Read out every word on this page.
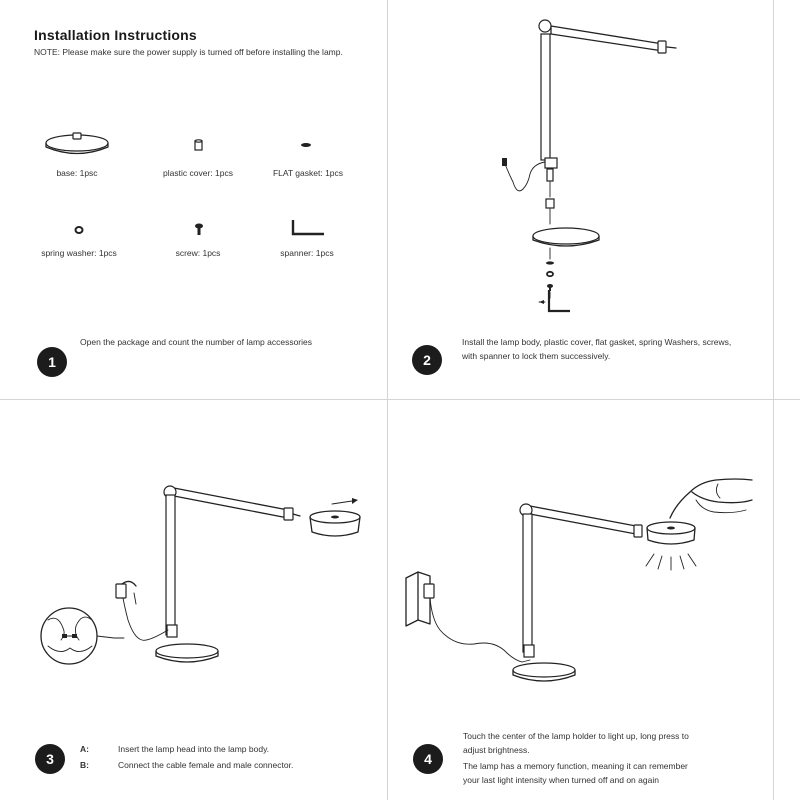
Installation Instructions
NOTE: Please make sure the power supply is turned off before installing the lamp.
base: 1psc	plastic cover: 1pcs	FLAT gasket: 1pcs
spring washer: 1pcs	screw: 1pcs	spanner: 1pcs
1
Open the package and count the number of lamp accessories
2
Install the lamp body, plastic cover, flat gasket, spring Washers, screws, with spanner to lock them successively.
3
A:	Insert the lamp head into the lamp body.
B:	Connect the cable female and male connector.	4
Touch the center of the lamp holder to light up, long press to
adjust brightness.
The lamp has a memory function, meaning it can remember
your last light intensity when turned off and on again
